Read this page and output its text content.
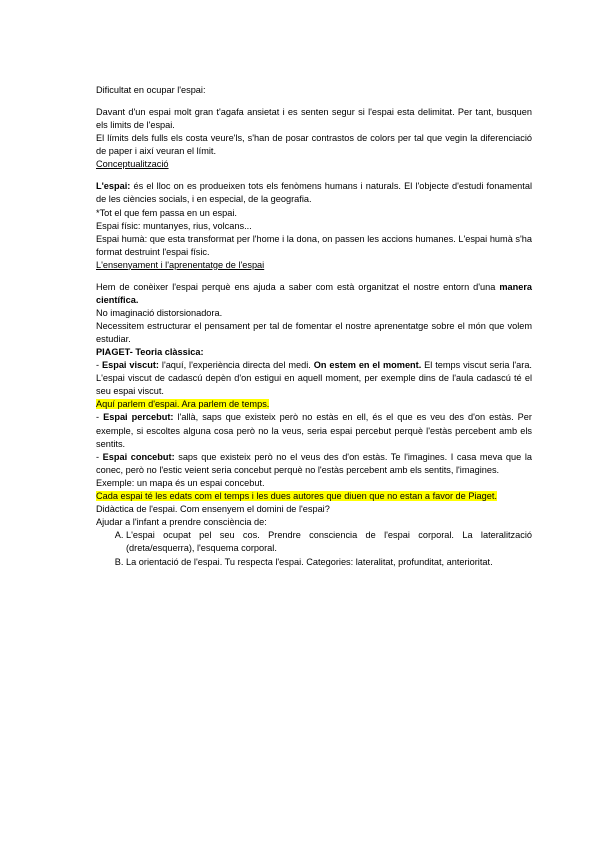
Dificultat en ocupar l'espai:
Davant d'un espai molt gran t'agafa ansietat i es senten segur si l'espai esta delimitat. Per tant, busquen els limits de l'espai.
El límits dels fulls els costa veure'ls, s'han de posar contrastos de colors per tal que vegin la diferenciació de paper i així veuran el límit.
Conceptualització
L'espai: és el lloc on es produeixen tots els fenòmens humans i naturals. El l'objecte d'estudi fonamental de les ciències socials, i en especial, de la geografia.
*Tot el que fem passa en un espai.
Espai físic: muntanyes, rius, volcans...
Espai humà: que esta transformat per l'home i la dona, on passen les accions humanes. L'espai humà s'ha format destruint l'espai físic.
L'ensenyament i l'aprenentatge de l'espai
Hem de conèixer l'espai perquè ens ajuda a saber com està organitzat el nostre entorn d'una manera científica.
No imaginació distorsionadora.
Necessitem estructurar el pensament per tal de fomentar el nostre aprenentatge sobre el món que volem estudiar.
PIAGET- Teoria clàssica:
- Espai viscut: l'aquí, l'experiència directa del medi. On estem en el moment. El temps viscut seria l'ara. L'espai viscut de cadascú depèn d'on estigui en aquell moment, per exemple dins de l'aula cadascú té el seu espai viscut.
Aquí parlem d'espai. Ara parlem de temps.
- Espai percebut: l'allà, saps que existeix però no estàs en ell, és el que es veu des d'on estàs. Per exemple, si escoltes alguna cosa però no la veus, seria espai percebut perquè l'estàs percebent amb els sentits.
- Espai concebut: saps que existeix però no el veus des d'on estàs. Te l'imagines. I casa meva que la conec, però no l'estic veient seria concebut perquè no l'estàs percebent amb els sentits, l'imagines.
Exemple: un mapa és un espai concebut.
Cada espai té les edats com el temps i les dues autores que diuen que no estan a favor de Piaget.
Didàctica de l'espai. Com ensenyem el domini de l'espai?
Ajudar a l'infant a prendre consciència de:
A. L'espai ocupat pel seu cos. Prendre consciencia de l'espai corporal. La lateralització (dreta/esquerra), l'esquema corporal.
B. La orientació de l'espai. Tu respecta l'espai. Categories: lateralitat, profunditat, anterioritat.
